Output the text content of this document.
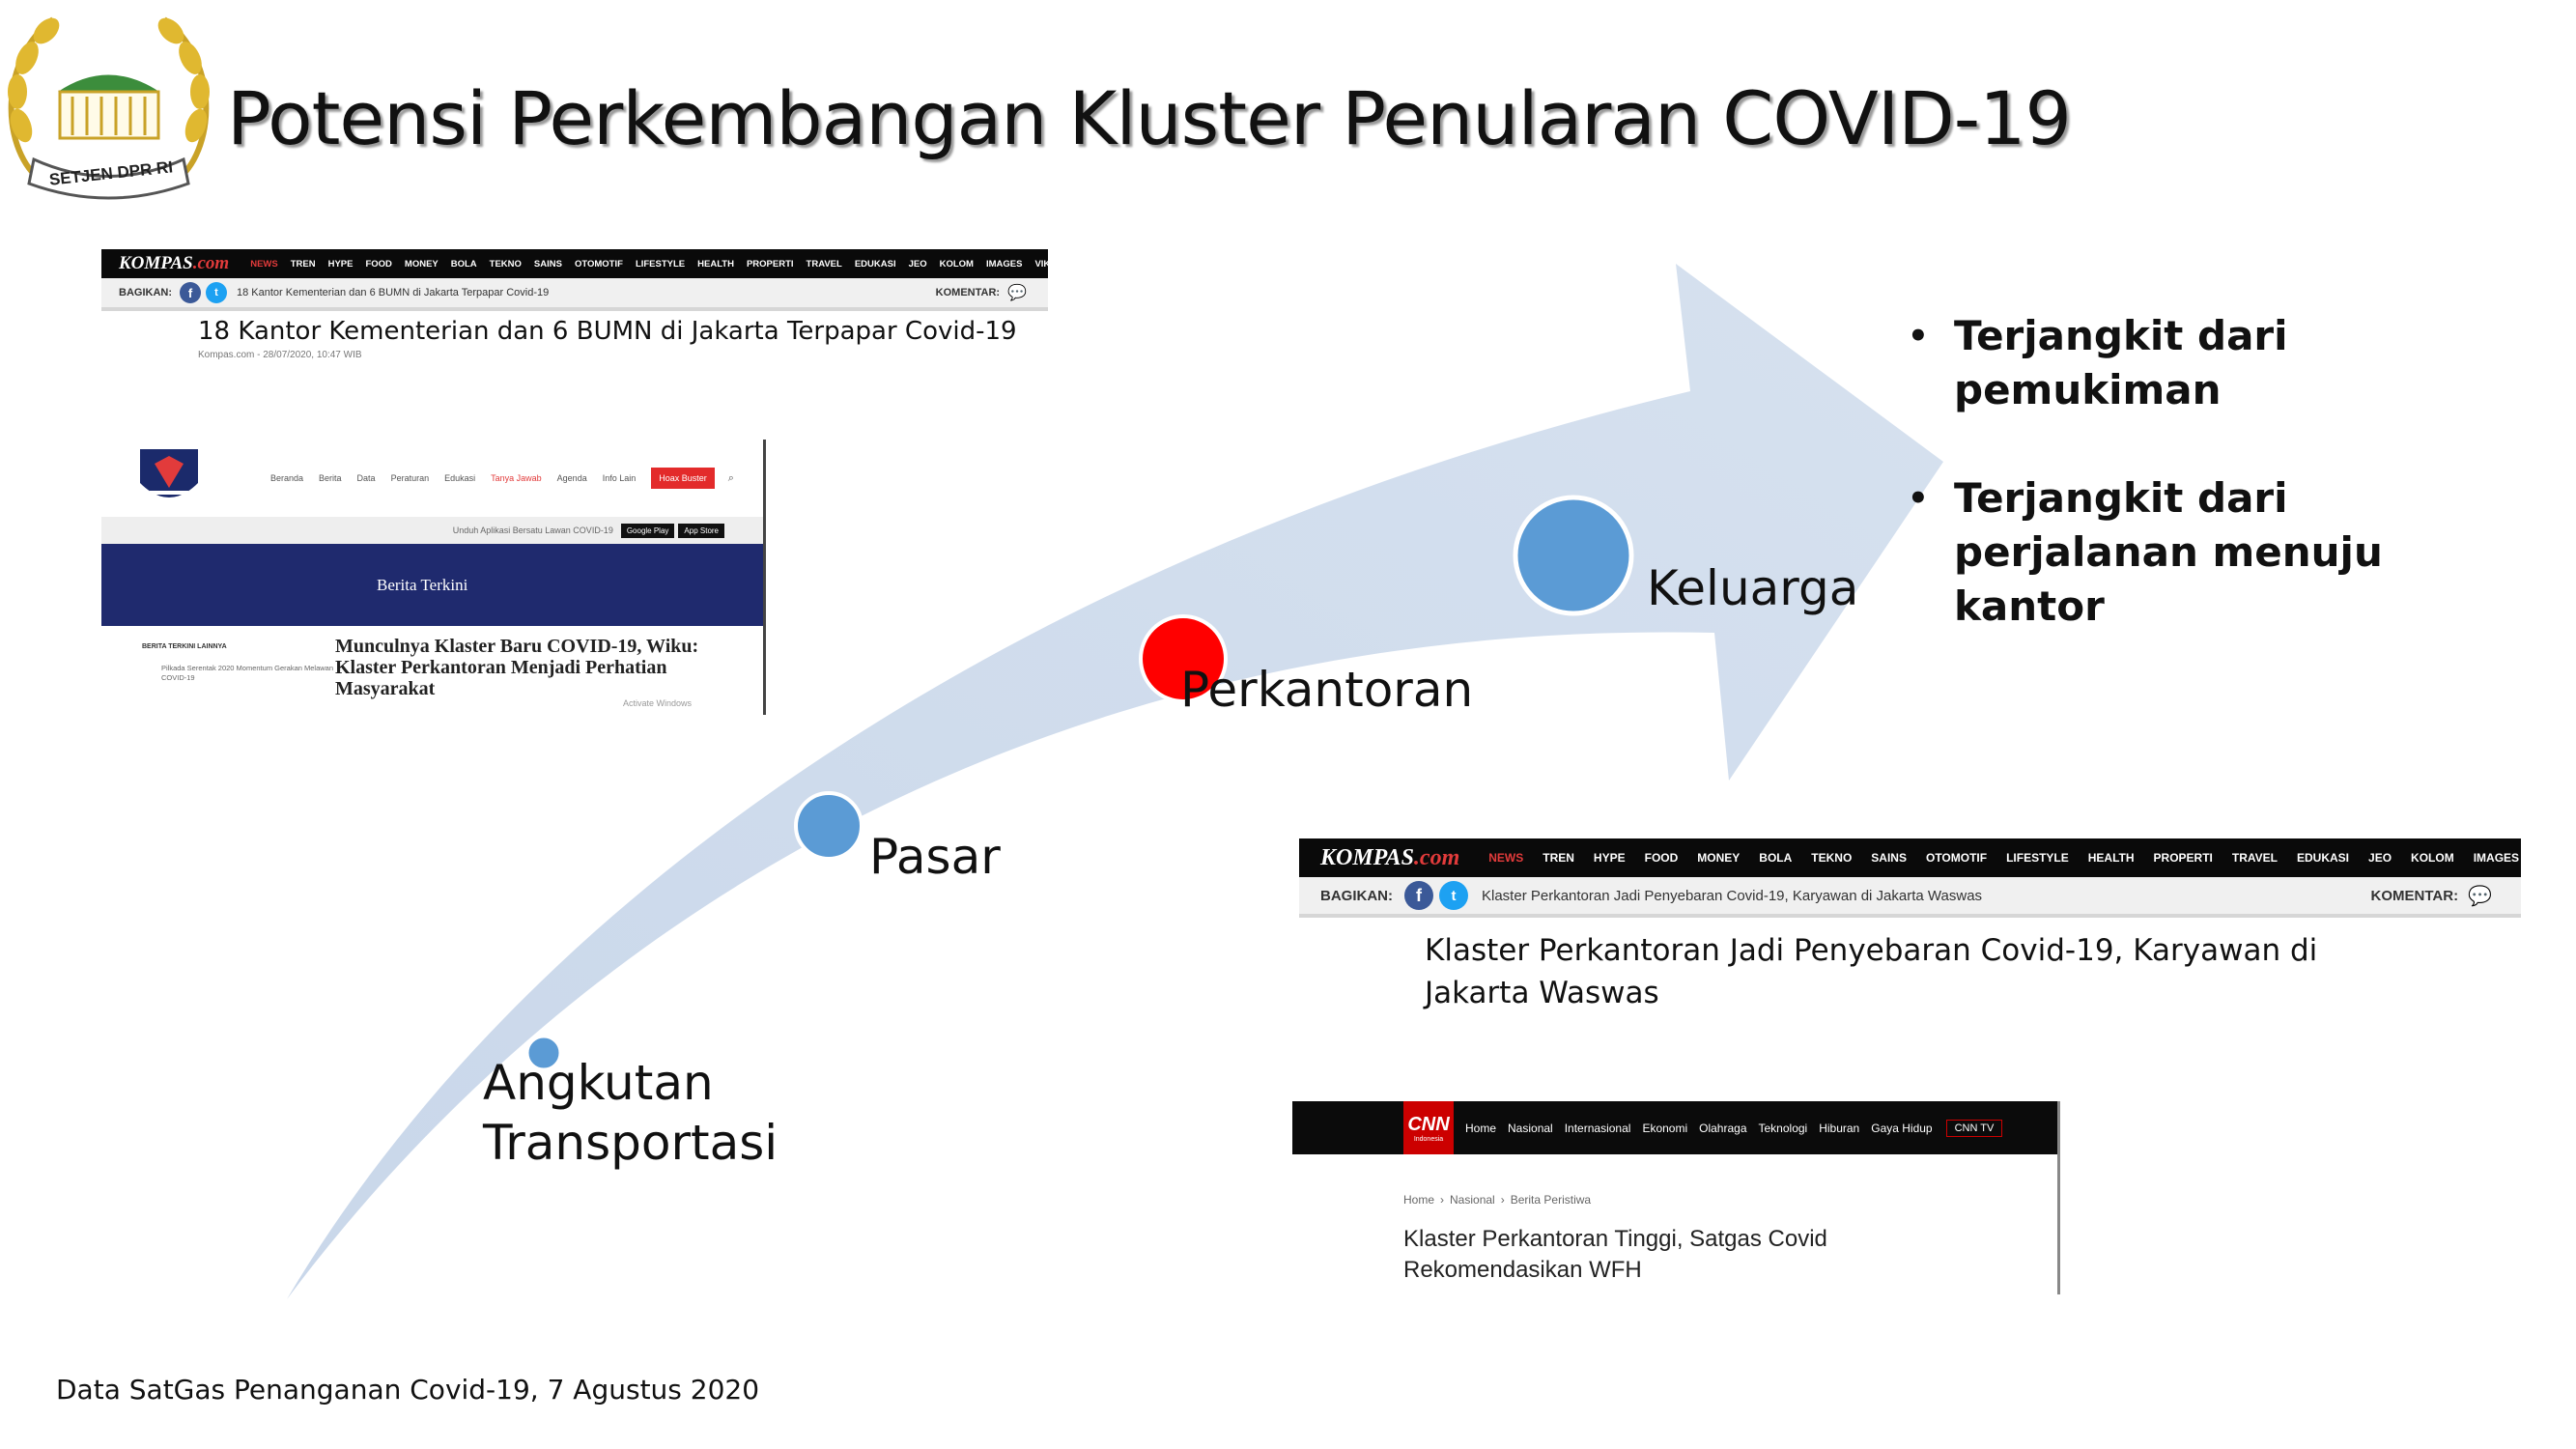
SETJEN DPR RI
Potensi Perkembangan Kluster Penularan COVID-19
KOMPAS.com NEWS TREN HYPE FOOD MONEY BOLA TEKNO SAINS OTOMOTIF LIFESTYLE HEALTH PROPERTI TRAVEL EDUKASI JEO KOLOM IMAGES VIK
BAGIKAN:	f	t	18 Kantor Kementerian dan 6 BUMN di Jakarta Terpapar Covid-19	KOMENTAR: 💬
18 Kantor Kementerian dan 6 BUMN di Jakarta Terpapar Covid-19
Kompas.com - 28/07/2020, 10:47 WIB
Beranda Berita Data Peraturan Edukasi Tanya Jawab Agenda Info Lain	Hoax Buster	⌕
Unduh Aplikasi Bersatu Lawan COVID-19	Google Play	App Store
Berita Terkini
BERITA TERKINI LAINNYA
Pilkada Serentak 2020 Momentum Gerakan Melawan COVID-19
Munculnya Klaster Baru COVID-19, Wiku: Klaster Perkantoran Menjadi Perhatian Masyarakat
Activate Windows
Angkutan
Transportasi
Pasar
Perkantoran
Keluarga
• Terjangkit dari
pemukiman
• Terjangkit dari
perjalanan menuju
kantor
KOMPAS.com	NEWS TREN HYPE FOOD MONEY BOLA TEKNO SAINS OTOMOTIF LIFESTYLE HEALTH PROPERTI TRAVEL EDUKASI JEO KOLOM IMAGES VIK
BAGIKAN:	f	t	Klaster Perkantoran Jadi Penyebaran Covid-19, Karyawan di Jakarta Waswas	KOMENTAR: 💬
Klaster Perkantoran Jadi Penyebaran Covid-19, Karyawan di
Jakarta Waswas
CNN
Indonesia
Home Nasional Internasional Ekonomi Olahraga Teknologi Hiburan Gaya Hidup	CNN TV
Home › Nasional › Berita Peristiwa
Klaster Perkantoran Tinggi, Satgas Covid
Rekomendasikan WFH
Data SatGas Penanganan Covid-19, 7 Agustus 2020
